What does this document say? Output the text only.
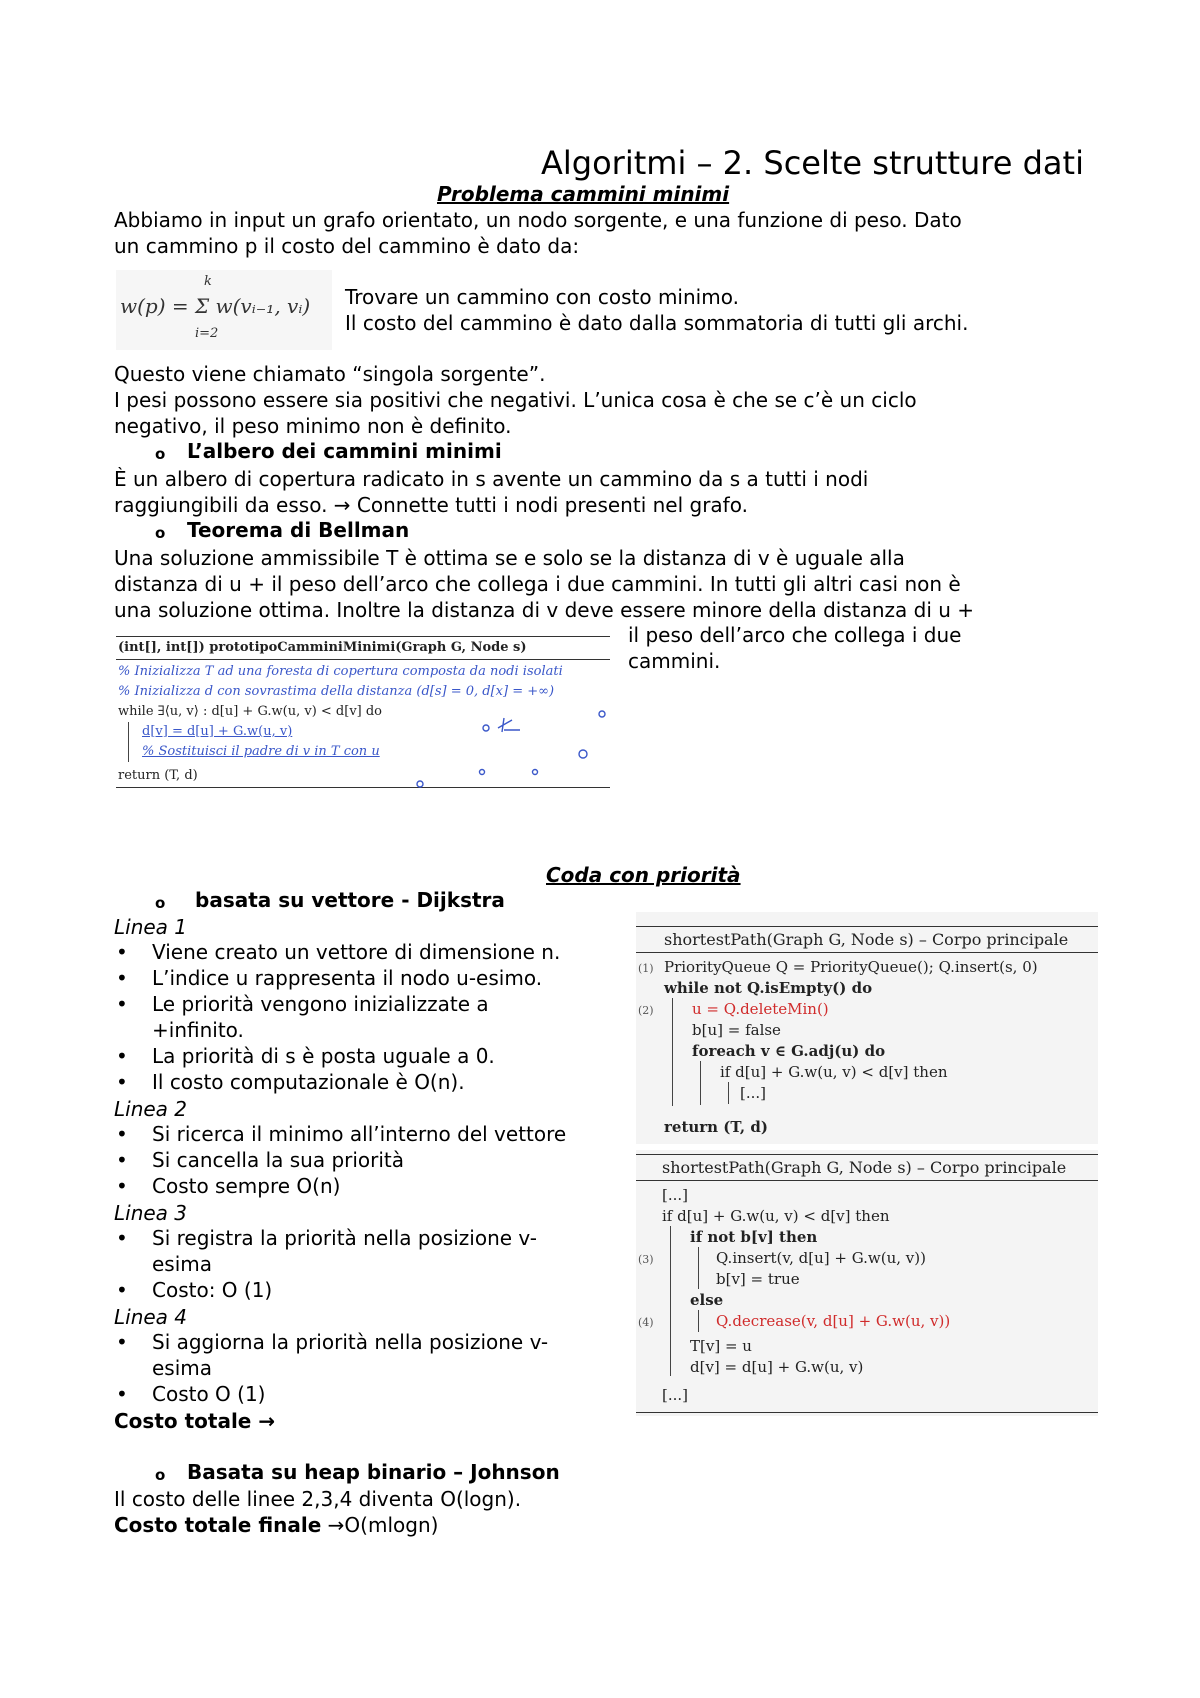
Algoritmi – 2. Scelte strutture dati
Problema cammini minimi
Abbiamo in input un grafo orientato, un nodo sorgente, e una funzione di peso. Dato
un cammino p il costo del cammino è dato da:
k
w(p) = Σ w(vᵢ₋₁, vᵢ)
i=2
Trovare un cammino con costo minimo.
Il costo del cammino è dato dalla sommatoria di tutti gli archi.
Questo viene chiamato “singola sorgente”.
I pesi possono essere sia positivi che negativi. L’unica cosa è che se c’è un ciclo
negativo, il peso minimo non è definito.
o L’albero dei cammini minimi
È un albero di copertura radicato in s avente un cammino da s a tutti i nodi
raggiungibili da esso. → Connette tutti i nodi presenti nel grafo.
o Teorema di Bellman
Una soluzione ammissibile T è ottima se e solo se la distanza di v è uguale alla
distanza di u + il peso dell’arco che collega i due cammini. In tutti gli altri casi non è
una soluzione ottima. Inoltre la distanza di v deve essere minore della distanza di u +
il peso dell’arco che collega i due
cammini.
(int[], int[]) prototipoCamminiMinimi(Graph G, Node s)
% Inizializza T ad una foresta di copertura composta da nodi isolati
% Inizializza d con sovrastima della distanza (d[s] = 0, d[x] = +∞)
while ∃⟨u, v⟩ : d[u] + G.w(u, v) < d[v] do
d[v] = d[u] + G.w(u, v)
% Sostituisci il padre di v in T con u
return (T, d)
Coda con priorità
o basata su vettore - Dijkstra
Linea 1
• Viene creato un vettore di dimensione n.
• L’indice u rappresenta il nodo u-esimo.
• Le priorità vengono inizializzate a
+infinito.
• La priorità di s è posta uguale a 0.
• Il costo computazionale è O(n).
Linea 2
• Si ricerca il minimo all’interno del vettore
• Si cancella la sua priorità
• Costo sempre O(n)
Linea 3
• Si registra la priorità nella posizione v-
esima
• Costo: O (1)
Linea 4
• Si aggiorna la priorità nella posizione v-
esima
• Costo O (1)
Costo totale →
o Basata su heap binario – Johnson
Il costo delle linee 2,3,4 diventa O(logn).
Costo totale finale →O(mlogn)
shortestPath(Graph G, Node s) – Corpo principale
(1) PriorityQueue Q = PriorityQueue(); Q.insert(s, 0)
while not Q.isEmpty() do
(2)	u = Q.deleteMin()
b[u] = false
foreach v ∈ G.adj(u) do
if d[u] + G.w(u, v) < d[v] then
[...]
return (T, d)
shortestPath(Graph G, Node s) – Corpo principale
[...]
if d[u] + G.w(u, v) < d[v] then
if not b[v] then
(3)	Q.insert(v, d[u] + G.w(u, v))
b[v] = true
else
(4)	Q.decrease(v, d[u] + G.w(u, v))
T[v] = u
d[v] = d[u] + G.w(u, v)
[...]
